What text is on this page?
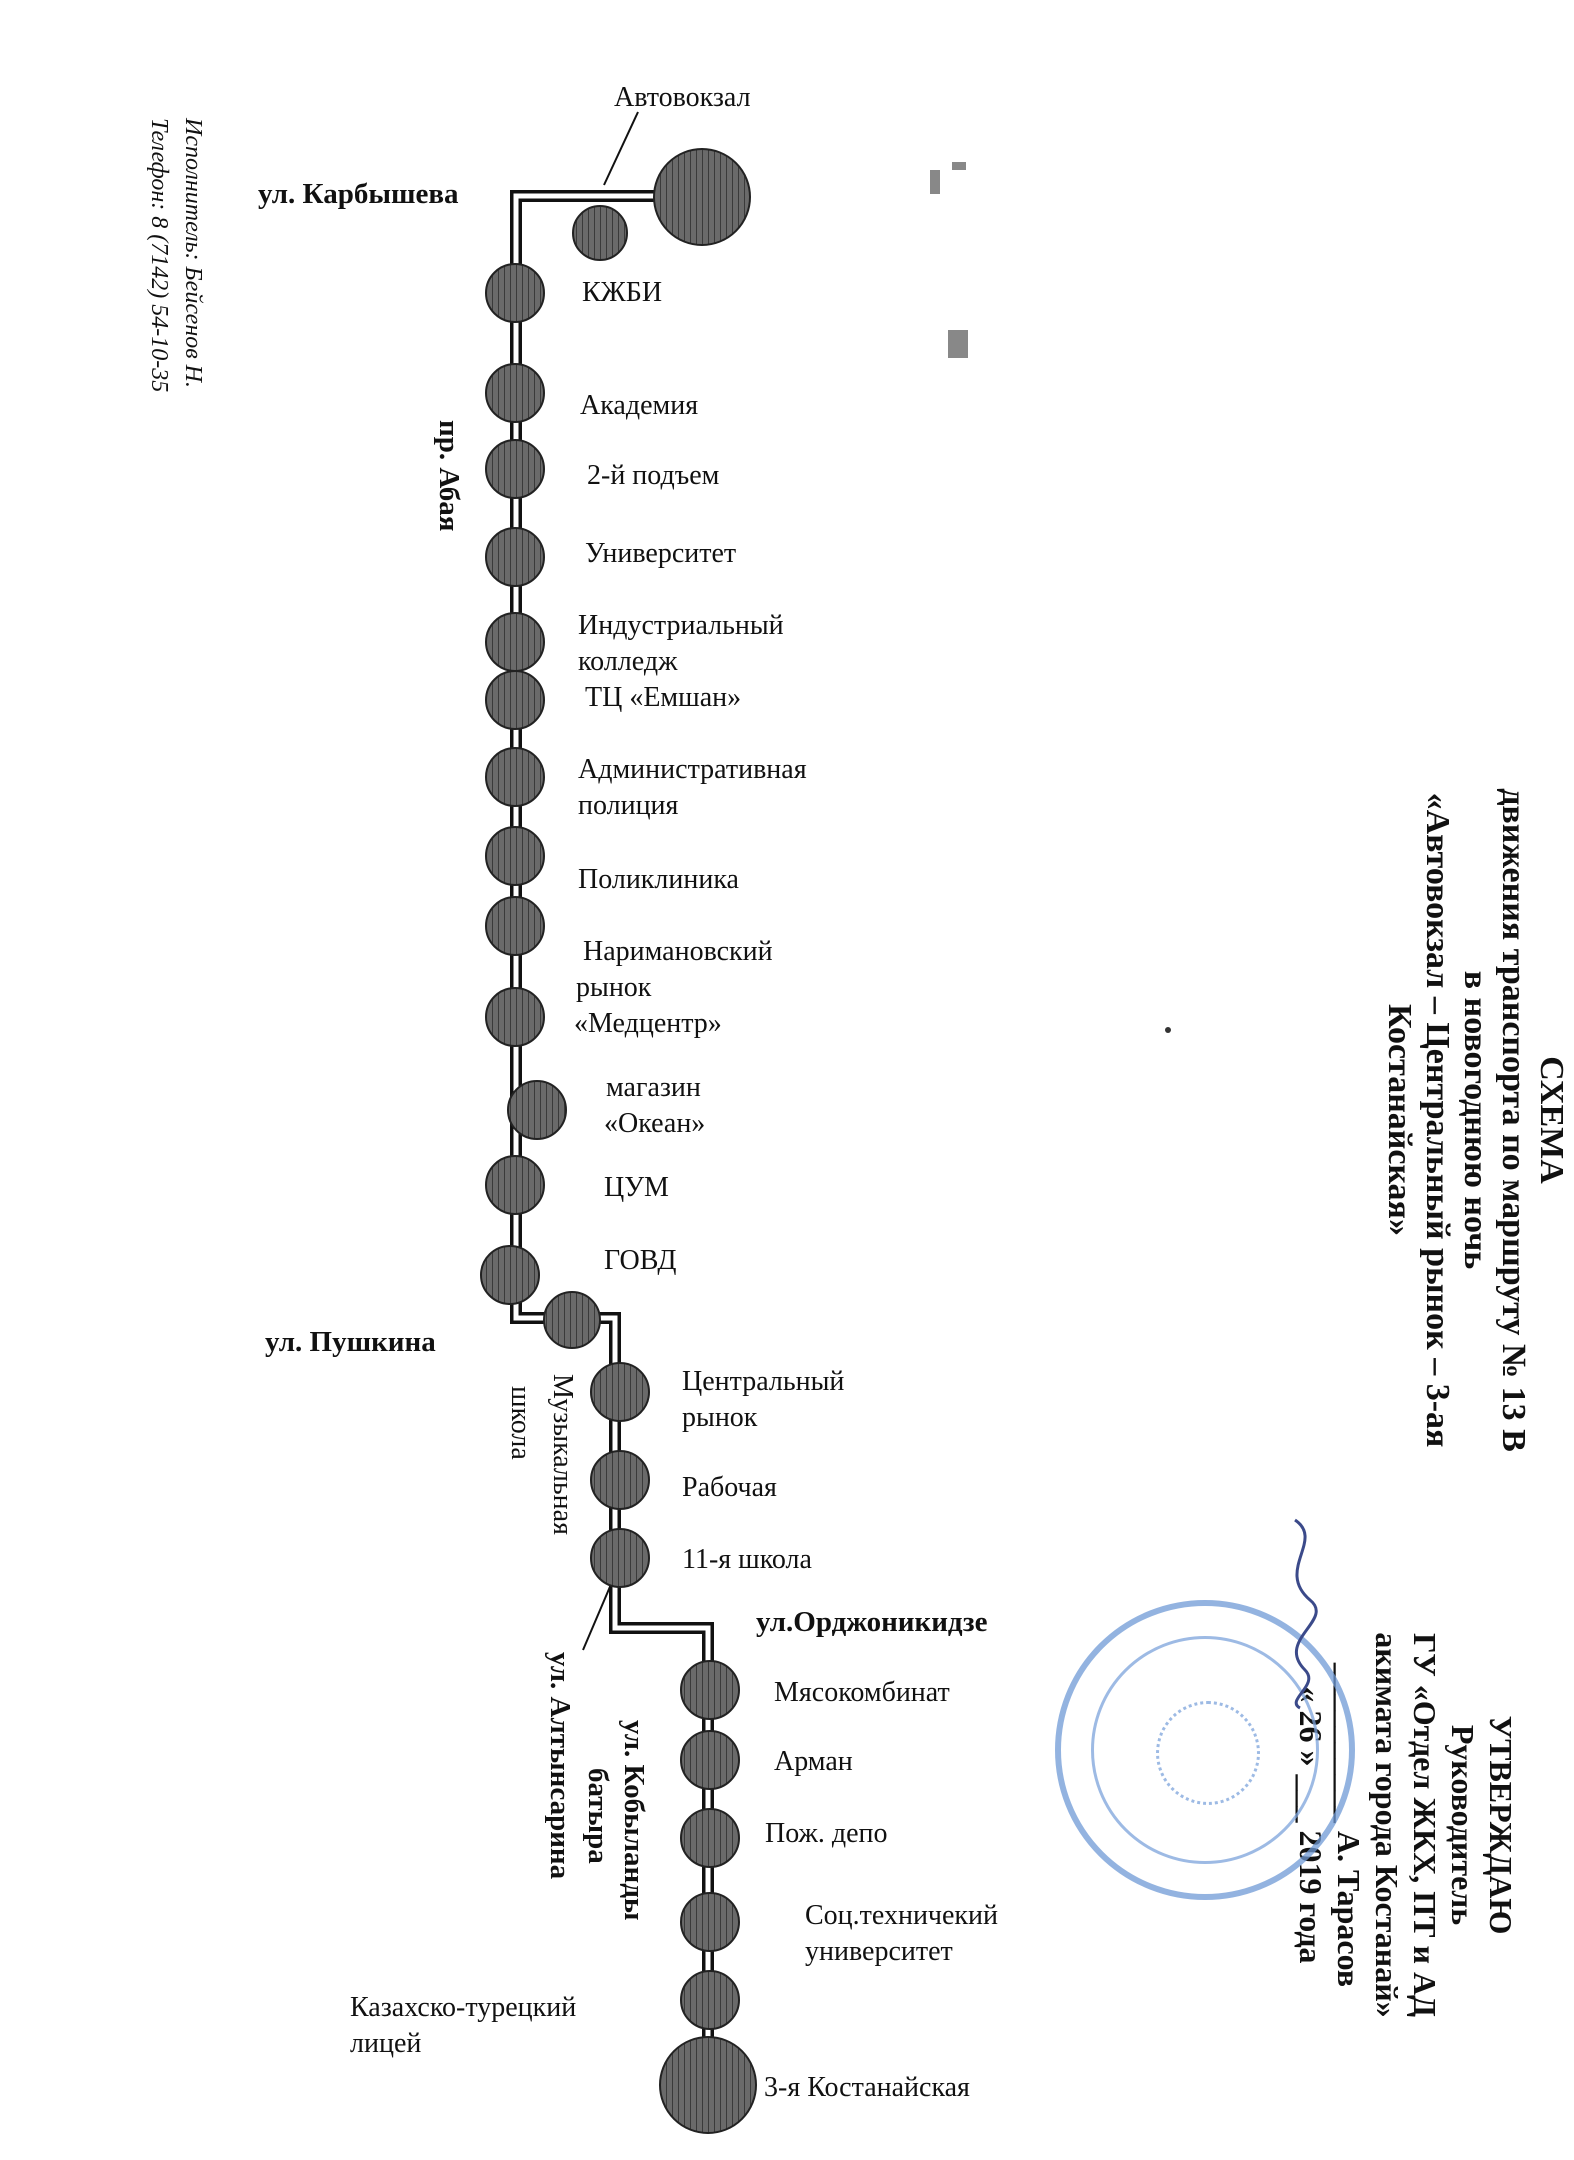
СХЕМА
движения транспорта по маршруту № 13 В
в новогоднюю ночь
«Автовокзал – Центральный рынок – 3-ая
Костанайская»
УТВЕРЖДАЮ
Руководитель
ГУ «Отдел ЖКХ, ПТ и АД
акимата города Костанай»
__________ А. Тарасов
« 26 » ___ 2019 года
Исполнитель: Бейсенов Н.
Телефон: 8 (7142) 54-10-35
Автовокзал
ул. Карбышева
пр. Абая
ул. Пушкина
ул.Орджоникидзе
ул. Алтынсарина ул. Кобыланды
батыра
КЖБИ
Академия
2-й подъем
Университет
Индустриальный
колледж
ТЦ «Емшан»
Административная
полиция
Поликлиника
Наримановский
рынок
«Медцентр»
магазин
«Океан»
ЦУМ
ГОВД
Музыкальная
школа
Центральный
рынок
Рабочая
11-я школа
Мясокомбинат
Арман
Пож. депо
Соц.техничекий
университет
Казахско-турецкий
лицей
3-я Костанайская
